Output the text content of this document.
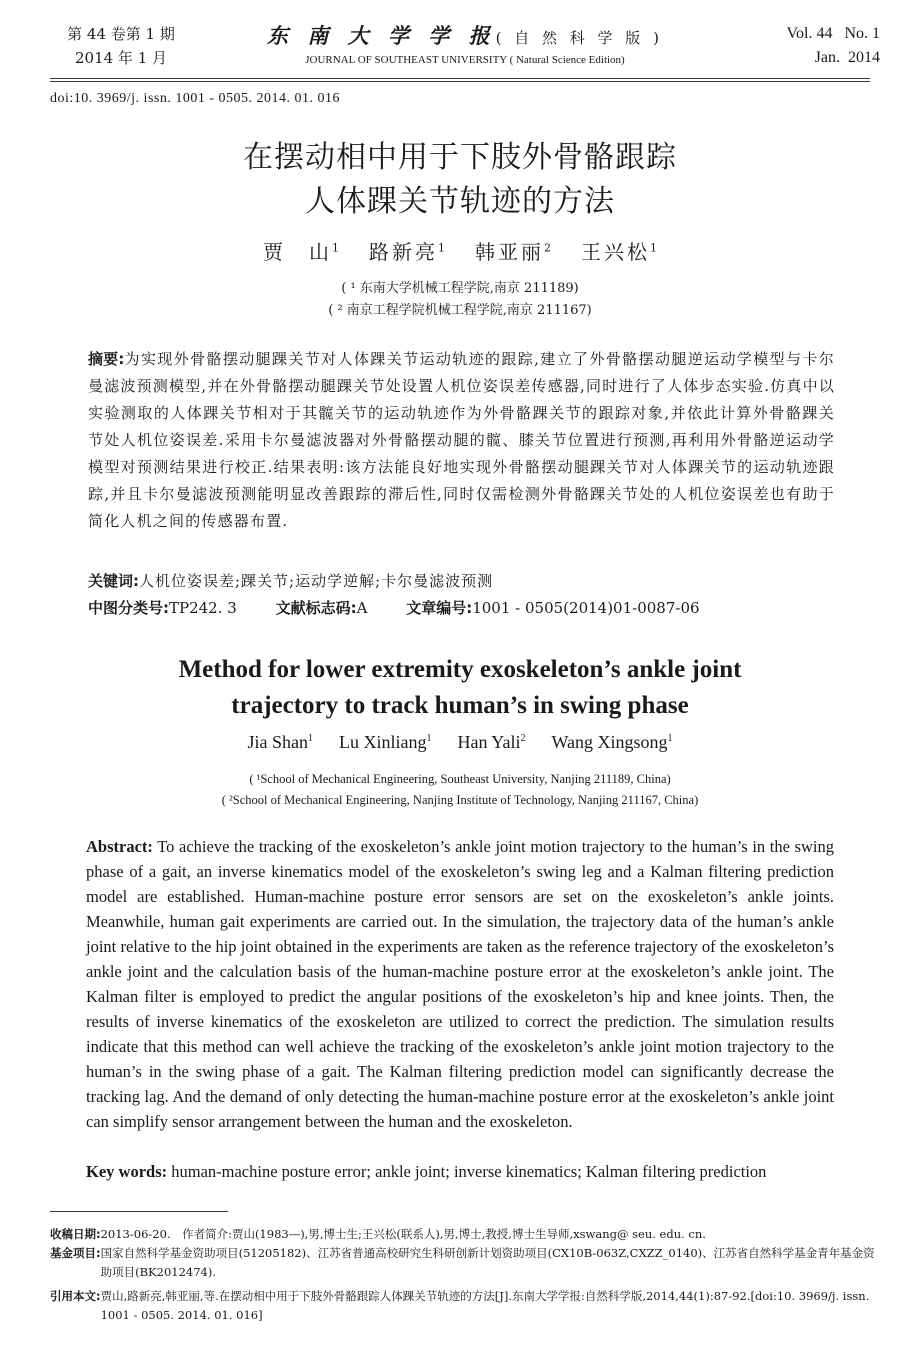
第 44 卷第 1 期
2014 年 1 月
东 南 大 学 学 报( 自 然 科 学 版 )
JOURNAL OF SOUTHEAST UNIVERSITY ( Natural Science Edition)
Vol. 44   No. 1
Jan.  2014
doi:10. 3969/j. issn. 1001 - 0505. 2014. 01. 016
在摆动相中用于下肢外骨骼跟踪
人体踝关节轨迹的方法
贾　山$^1$ 路新亮$^1$ 韩亚丽$^2$ 王兴松$^1$
( ¹ 东南大学机械工程学院,南京 211189)
( ² 南京工程学院机械工程学院,南京 211167)
摘要:为实现外骨骼摆动腿踝关节对人体踝关节运动轨迹的跟踪,建立了外骨骼摆动腿逆运动学模型与卡尔曼滤波预测模型,并在外骨骼摆动腿踝关节处设置人机位姿误差传感器,同时进行了人体步态实验.仿真中以实验测取的人体踝关节相对于其髋关节的运动轨迹作为外骨骼踝关节的跟踪对象,并依此计算外骨骼踝关节处人机位姿误差.采用卡尔曼滤波器对外骨骼摆动腿的髋、膝关节位置进行预测,再利用外骨骼逆运动学模型对预测结果进行校正.结果表明:该方法能良好地实现外骨骼摆动腿踝关节对人体踝关节的运动轨迹跟踪,并且卡尔曼滤波预测能明显改善跟踪的滞后性,同时仅需检测外骨骼踝关节处的人机位姿误差也有助于简化人机之间的传感器布置.
关键词:人机位姿误差;踝关节;运动学逆解;卡尔曼滤波预测
中图分类号:TP242. 3	文献标志码:A	文章编号:1001 - 0505(2014)01-0087-06
Method for lower extremity exoskeleton’s ankle joint
trajectory to track human’s in swing phase
Jia Shan$^1$ Lu Xinliang$^1$ Han Yali$^2$ Wang Xingsong$^1$
( ¹School of Mechanical Engineering, Southeast University, Nanjing 211189, China)
( ²School of Mechanical Engineering, Nanjing Institute of Technology, Nanjing 211167, China)
Abstract: To achieve the tracking of the exoskeleton’s ankle joint motion trajectory to the human’s in the swing phase of a gait, an inverse kinematics model of the exoskeleton’s swing leg and a Kalman filtering prediction model are established. Human-machine posture error sensors are set on the exoskeleton’s ankle joints. Meanwhile, human gait experiments are carried out. In the simulation, the trajectory data of the human’s ankle joint relative to the hip joint obtained in the experiments are taken as the reference trajectory of the exoskeleton’s ankle joint and the calculation basis of the human-machine posture error at the exoskeleton’s ankle joint. The Kalman filter is employed to predict the angular positions of the exoskeleton’s hip and knee joints. Then, the results of inverse kinematics of the exoskeleton are utilized to correct the prediction. The simulation results indicate that this method can well achieve the tracking of the exoskeleton’s ankle joint motion trajectory to the human’s in the swing phase of a gait. The Kalman filtering prediction model can significantly decrease the tracking lag. And the demand of only detecting the human-machine posture error at the exoskeleton’s ankle joint can simplify sensor arrangement between the human and the exoskeleton.
Key words:
human-machine posture error; ankle joint; inverse kinematics; Kalman filtering prediction
收稿日期: 2013-06-20.　作者简介:贾山(1983—),男,博士生;王兴松(联系人),男,博士,教授,博士生导师,xswang@ seu. edu. cn.
基金项目: 国家自然科学基金资助项目(51205182)、江苏省普通高校研究生科研创新计划资助项目(CX10B-063Z,CXZZ_0140)、江苏省自然科学基金青年基金资助项目(BK2012474).
引用本文: 贾山,路新亮,韩亚丽,等.在摆动相中用于下肢外骨骼跟踪人体踝关节轨迹的方法[J].东南大学学报:自然科学版,2014,44(1):87-92.[doi:10. 3969/j. issn. 1001 - 0505. 2014. 01. 016]
